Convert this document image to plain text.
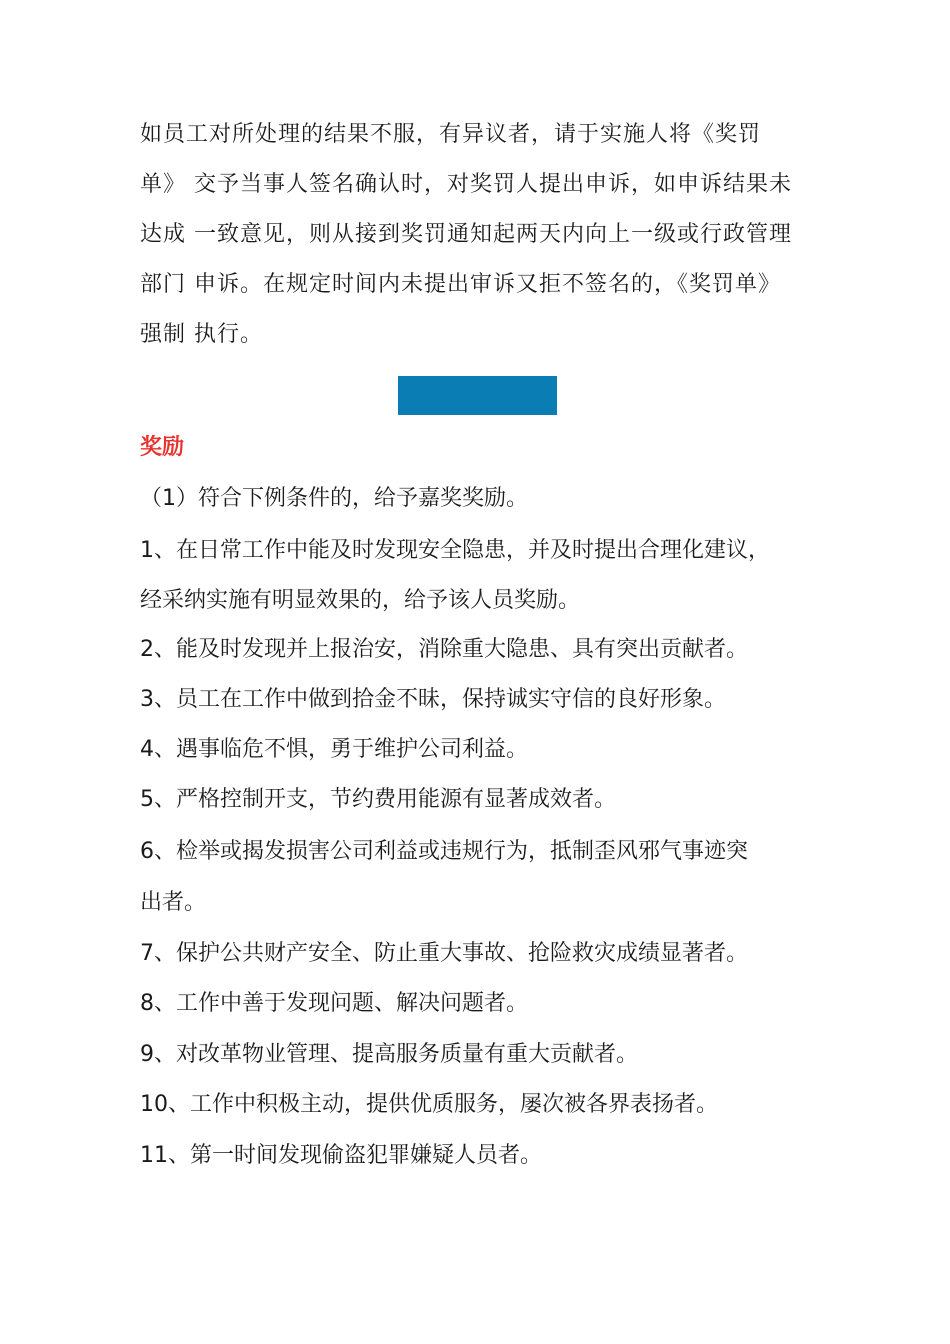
如员工对所处理的结果不服，有异议者，请于实施人将《奖罚
单》 交予当事人签名确认时，对奖罚人提出申诉，如申诉结果未
达成 一致意见，则从接到奖罚通知起两天内向上一级或行政管理
部门 申诉。在规定时间内未提出审诉又拒不签名的，《奖罚单》
强制 执行。
奖励
（1）符合下例条件的，给予嘉奖奖励。
1、在日常工作中能及时发现安全隐患，并及时提出合理化建议，
经采纳实施有明显效果的，给予该人员奖励。
2、能及时发现并上报治安，消除重大隐患、具有突出贡献者。
3、员工在工作中做到拾金不昧，保持诚实守信的良好形象。
4、遇事临危不惧，勇于维护公司利益。
5、严格控制开支，节约费用能源有显著成效者。
6、检举或揭发损害公司利益或违规行为，抵制歪风邪气事迹突
出者。
7、保护公共财产安全、防止重大事故、抢险救灾成绩显著者。
8、工作中善于发现问题、解决问题者。
9、对改革物业管理、提高服务质量有重大贡献者。
10、工作中积极主动，提供优质服务，屡次被各界表扬者。
11、第一时间发现偷盗犯罪嫌疑人员者。
